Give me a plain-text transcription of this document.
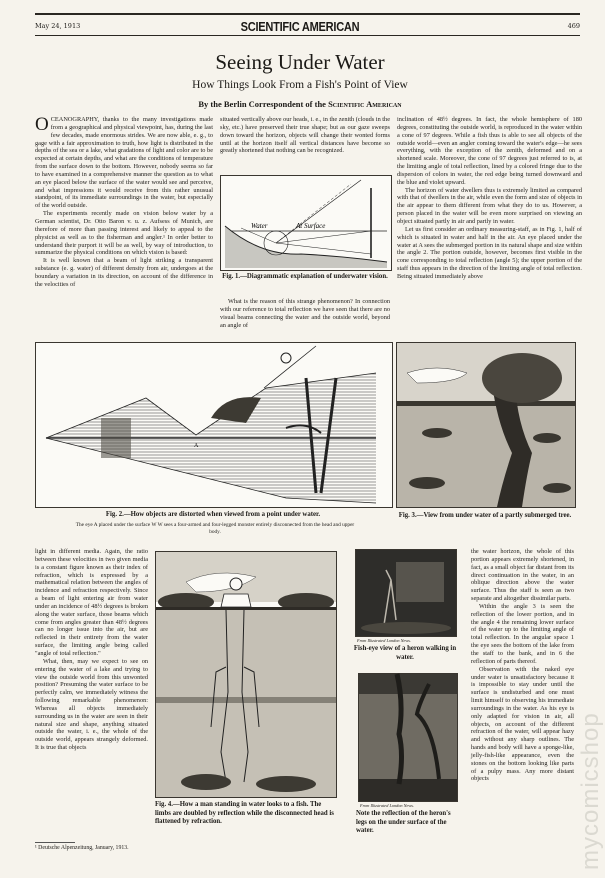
May 24, 1913	SCIENTIFIC AMERICAN	469
Seeing Under Water
How Things Look From a Fish's Point of View
By the Berlin Correspondent of the Scientific American

OCEANOGRAPHY, thanks to the many investigations made from a geographical and physical viewpoint, has, during the last few decades, made enormous strides. We are now able, e. g., to gage with a fair approximation to truth, how light is distributed in the depths of the sea or a lake, what gradations of light and color are to be expected at certain depths, and what are the conditions of temperature from the surface down to the bottom. However, nobody seems so far to have examined in a comprehensive manner the question as to what an eye placed below the surface of the water would see and perceive, and what impressions it would receive from this rather unusual standpoint, of its immediate surroundings in the water, but especially of the world outside.

The experiments recently made on vision below water by a German scientist, Dr. Otto Baron v. u. z. Aufsess of Munich, are therefore of more than passing interest and likely to appeal to the physicist as well as to the fisherman and angler.¹ In order better to understand their purport it will be as well, by way of introduction, to summarize the physical conditions on which vision is based:

It is well known that a beam of light striking a transparent substance (e. g. water) of different density from air, undergoes at the boundary a variation in its direction, on account of the difference in the velocities of

situated vertically above our heads, i. e., in the zenith (clouds in the sky, etc.) have preserved their true shape; but as our gaze sweeps down toward the horizon, objects will change their wonted forms until at the horizon itself all vertical distances have become so greatly shortened that nothing can be recognized.

Water	At Surface
Fig. 1.—Diagrammatic explanation of underwater vision.

What is the reason of this strange phenomenon? In connection with our reference to total reflection we have seen that there are no visual beams connecting the water and the outside world, beyond an angle of

inclination of 48½ degrees. In fact, the whole hemisphere of 180 degrees, constituting the outside world, is reproduced in the water within a cone of 97 degrees. While a fish thus is able to see all objects of the outside world—even an angler coming toward the water's edge—he sees everything, with the exception of the zenith, deformed and on a shortened scale. Moreover, the cone of 97 degrees just referred to is, at the limiting angle of total reflection, lined by a colored fringe due to the dispersion of colors in water, the red edge being turned downward and the blue and violet upward.

The horizon of water dwellers thus is extremely limited as compared with that of dwellers in the air, while even the form and size of objects in the air appear to them different from what they do to us. However, a person placed in the water will be even more surprised on viewing an object situated partly in air and partly in water.

Let us first consider an ordinary measuring-staff, as in Fig. 1, half of which is situated in water and half in the air. An eye placed under the water at A sees the submerged portion in its natural shape and size within the angle 2. The portion outside, however, becomes first visible in the cone corresponding to total reflection (angle 5); the upper portion of the staff thus appears in the direction of the limiting angle of total reflection. Being situated immediately above

A
Fig. 2.—How objects are distorted when viewed from a point under water.
The eye A placed under the surface W W sees a four-armed and four-legged monster entirely disconnected from the head and upper body.
Fig. 3.—View from under water of a partly submerged tree.

light in different media. Again, the ratio between these velocities in two given media is a constant figure known as their index of refraction, which is expressed by a mathematical relation between the angles of incidence and refraction respectively. Since a beam of light entering air from water under an incidence of 48½ degrees is broken along the water surface, those beams which come from angles greater than 48½ degrees can no longer issue into the air, but are reflected in their entirety from the water surface, the limiting angle being called "angle of total reflection."

What, then, may we expect to see on entering the water of a lake and trying to view the outside world from this unwonted position? Presuming the water surface to be perfectly calm, we immediately witness the following remarkable phenomenon: Whereas all objects immediately surrounding us in the water are seen in their natural size and shape, anything situated outside the water, i. e., the whole of the outside world, appears strangely deformed. It is true that objects

¹ Deutsche Alpenzeitung, January, 1913.
Fig. 4.—How a man standing in water looks to a fish. The limbs are doubled by reflection while the disconnected head is flattened by refraction.
From Illustrated London News.
Fish-eye view of a heron walking in water.
From Illustrated London News.
Note the reflection of the heron's legs on the under surface of the water.

the water horizon, the whole of this portion appears extremely shortened, in fact, as a small object far distant from its direct continuation in the water, in an oblique direction above the water surface. Thus the staff is seen as two separate and altogether dissimilar parts.

Within the angle 3 is seen the reflection of the lower portion, and in the angle 4 the remaining lower surface of the water up to the limiting angle of total reflection. In the angular space 1 the eye sees the bottom of the lake from the staff to the bank, and in 6 the reflection of parts thereof.

Observation with the naked eye under water is unsatisfactory because it is impossible to stay under until the surface is undisturbed and one must limit himself to observing his immediate surroundings in the water. As his eye is only adapted for vision in air, all objects, on account of the different refraction of the water, will appear hazy and without any sharp outlines. The hands and body will have a sponge-like, jelly-fish-like appearance, even the stones on the bottom looking like parts of a pulpy mass. Any more distant objects	mycomicshop
